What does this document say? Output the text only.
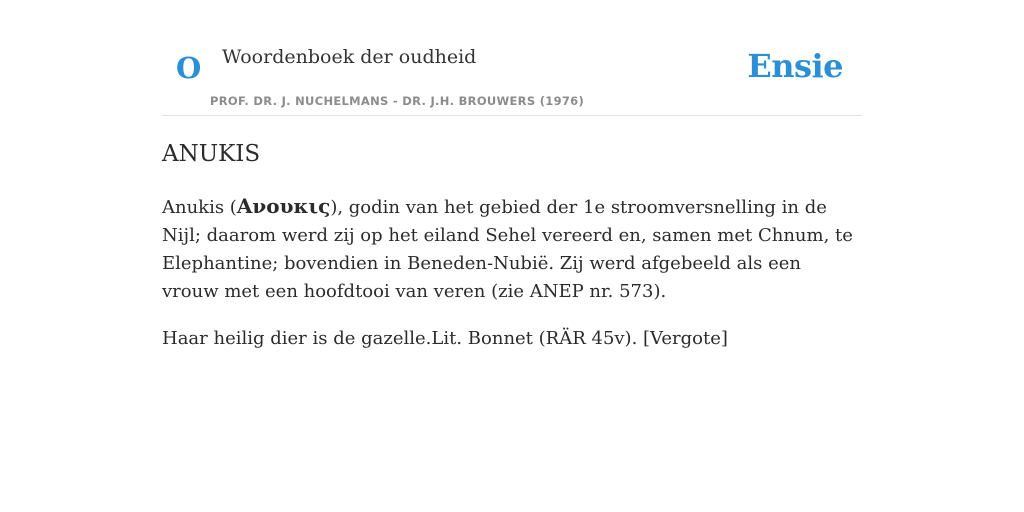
O Woordenboek der oudheid
PROF. DR. J. NUCHELMANS - DR. J.H. BROUWERS (1976)
Ensie
ANUKIS

Anukis (Ανουκις), godin van het gebied der 1e stroomversnelling in de Nijl; daarom werd zij op het eiland Sehel vereerd en, samen met Chnum, te Elephantine; bovendien in Beneden-Nubië. Zij werd afgebeeld als een vrouw met een hoofdtooi van veren (zie ANEP nr. 573).

Haar heilig dier is de gazelle.Lit. Bonnet (RÄR 45v). [Vergote]
